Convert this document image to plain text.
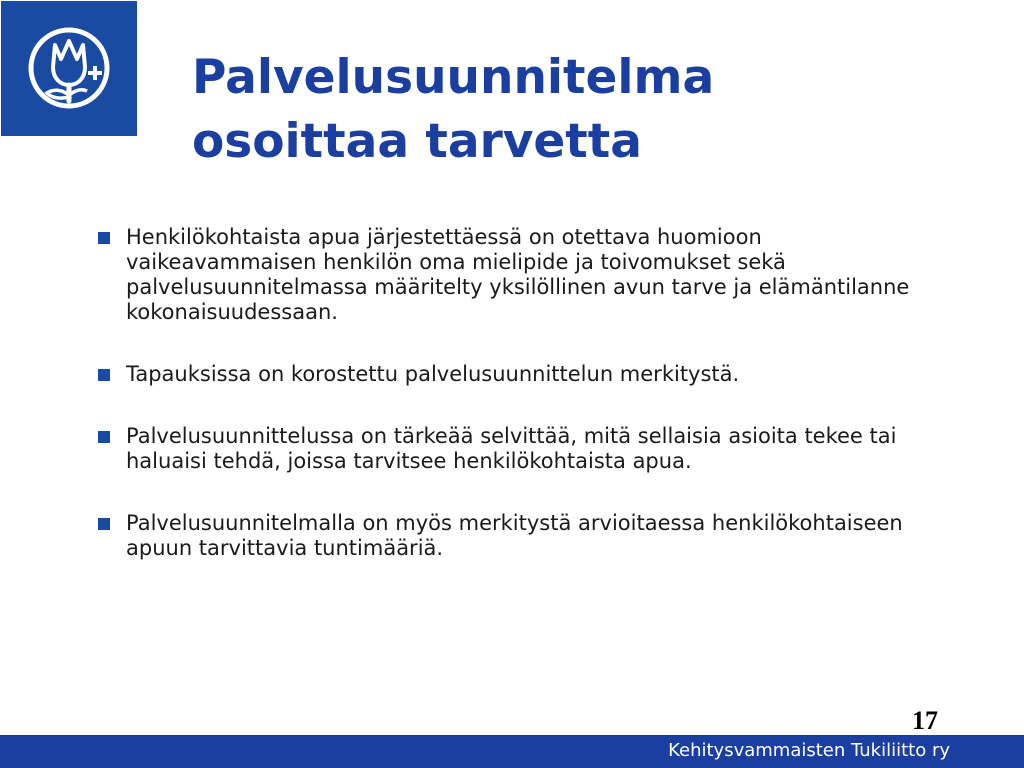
Palvelusuunnitelma
osoittaa tarvetta
Henkilökohtaista apua järjestettäessä on otettava huomioon vaikeavammaisen henkilön oma mielipide ja toivomukset sekä palvelusuunnitelmassa määritelty yksilöllinen avun tarve ja elämäntilanne kokonaisuudessaan.
Tapauksissa on korostettu palvelusuunnittelun merkitystä.
Palvelusuunnittelussa on tärkeää selvittää, mitä sellaisia asioita tekee tai haluaisi tehdä, joissa tarvitsee henkilökohtaista apua.
Palvelusuunnitelmalla on myös merkitystä arvioitaessa henkilökohtaiseen apuun tarvittavia tuntimääriä.
17
Kehitysvammaisten Tukiliitto ry
